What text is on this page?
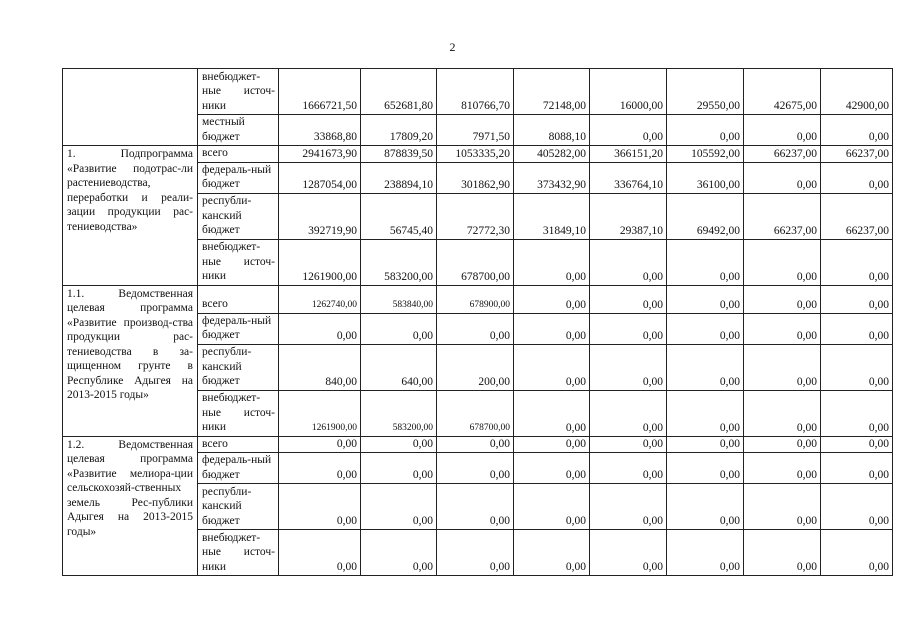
2
	внебюджет-ные источ-ники	1666721,50	652681,80	810766,70	72148,00	16000,00	29550,00	42675,00	42900,00
	местный бюджет	33868,80	17809,20	7971,50	8088,10	0,00	0,00	0,00	0,00
1. Подпрограмма «Развитие подотрас-ли растениеводства, переработки и реали-зации продукции рас-тениеводства»	всего	2941673,90	878839,50	1053335,20	405282,00	366151,20	105592,00	66237,00	66237,00
	федераль-ный бюджет	1287054,00	238894,10	301862,90	373432,90	336764,10	36100,00	0,00	0,00
	республи-канский бюджет	392719,90	56745,40	72772,30	31849,10	29387,10	69492,00	66237,00	66237,00
	внебюджет-ные источ-ники	1261900,00	583200,00	678700,00	0,00	0,00	0,00	0,00	0,00
1.1. Ведомственная целевая программа «Развитие производ-ства продукции рас-тениеводства в за-щищенном грунте в Республике Адыгея на 2013-2015 годы»	всего	1262740,00	583840,00	678900,00	0,00	0,00	0,00	0,00	0,00
	федераль-ный бюджет	0,00	0,00	0,00	0,00	0,00	0,00	0,00	0,00
	республи-канский бюджет	840,00	640,00	200,00	0,00	0,00	0,00	0,00	0,00
	внебюджет-ные источ-ники	1261900,00	583200,00	678700,00	0,00	0,00	0,00	0,00	0,00
1.2. Ведомственная целевая программа «Развитие мелиора-ции сельскохозяй-ственных земель Рес-публики Адыгея на 2013-2015 годы»	всего	0,00	0,00	0,00	0,00	0,00	0,00	0,00	0,00
	федераль-ный бюджет	0,00	0,00	0,00	0,00	0,00	0,00	0,00	0,00
	республи-канский бюджет	0,00	0,00	0,00	0,00	0,00	0,00	0,00	0,00
	внебюджет-ные источ-ники	0,00	0,00	0,00	0,00	0,00	0,00	0,00	0,00
